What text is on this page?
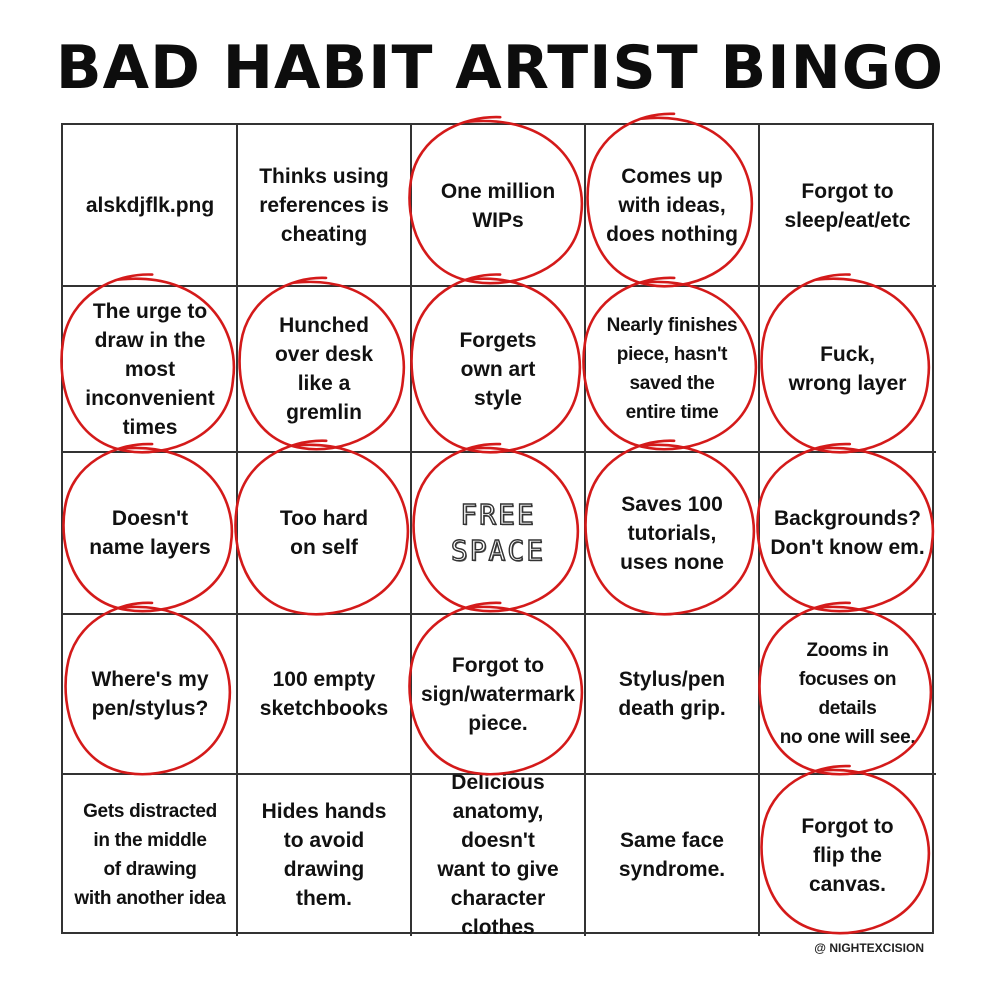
BAD HABIT ARTIST BINGO
alskdjflk.png
Thinks using
references is
cheating
One million
WIPs
Comes up
with ideas,
does nothing
Forgot to
sleep/eat/etc
The urge to
draw in the
most
inconvenient
times
Hunched
over desk
like a
gremlin
Forgets
own art
style
Nearly finishes
piece, hasn't
saved the
entire time
Fuck,
wrong layer
Doesn't
name layers
Too hard
on self
FREE
SPACE
Saves 100
tutorials,
uses none
Backgrounds?
Don't know em.
Where's my
pen/stylus?
100 empty
sketchbooks
Forgot to
sign/watermark
piece.
Stylus/pen
death grip.
Zooms in
focuses on
details
no one will see.
Gets distracted
in the middle
of drawing
with another idea
Hides hands
to avoid
drawing
them.
Delicious
anatomy,
doesn't
want to give
character
clothes
Same face
syndrome.
Forgot to
flip the
canvas.
@ NIGHTEXCISION
